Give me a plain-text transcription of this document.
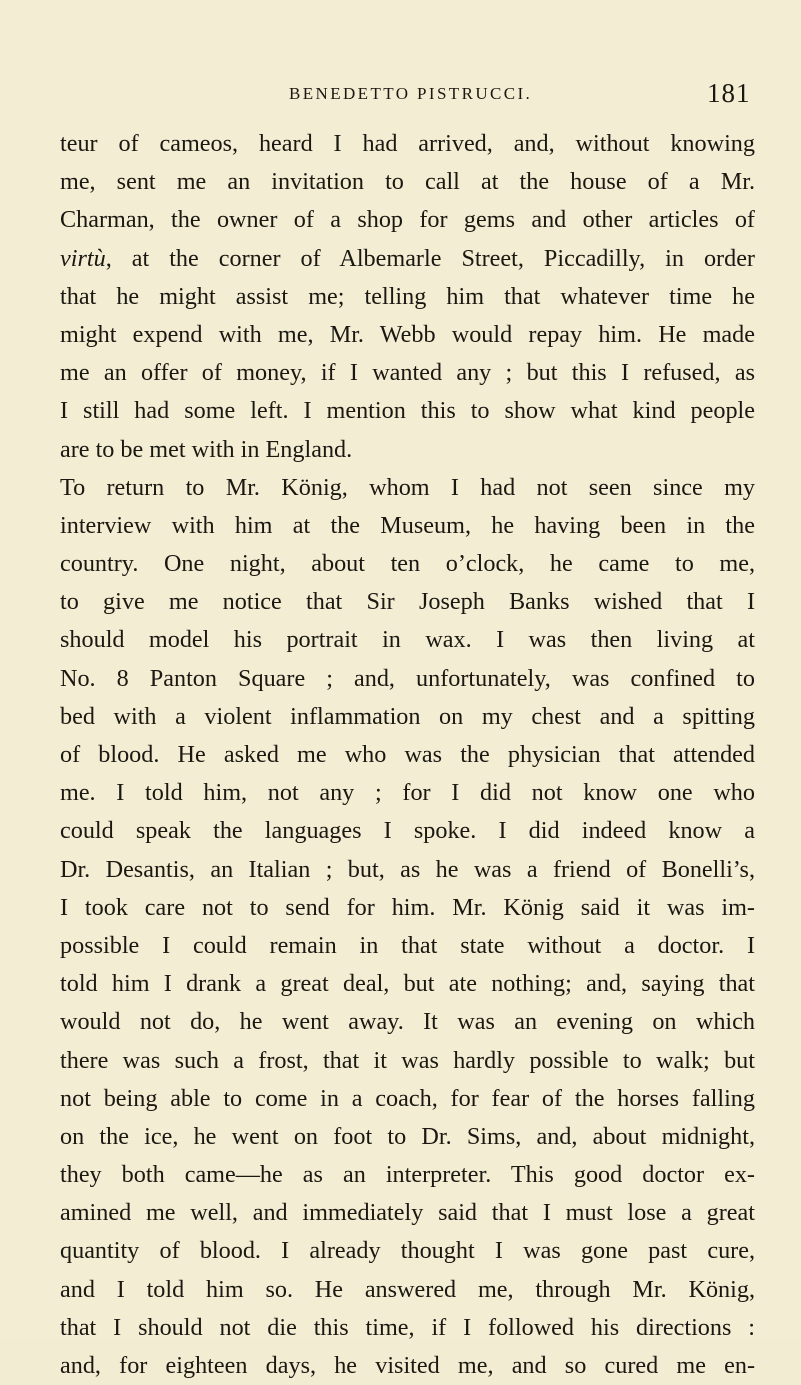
BENEDETTO PISTRUCCI.	181
teur of cameos, heard I had arrived, and, without knowing
me, sent me an invitation to call at the house of a Mr.
Charman, the owner of a shop for gems and other articles of
virtù, at the corner of Albemarle Street, Piccadilly, in order
that he might assist me; telling him that whatever time he
might expend with me, Mr. Webb would repay him. He made
me an offer of money, if I wanted any ; but this I refused, as
I still had some left. I mention this to show what kind people
are to be met with in England.
To return to Mr. König, whom I had not seen since my
interview with him at the Museum, he having been in the
country. One night, about ten o’clock, he came to me,
to give me notice that Sir Joseph Banks wished that I
should model his portrait in wax. I was then living at
No. 8 Panton Square ; and, unfortunately, was confined to
bed with a violent inflammation on my chest and a spitting
of blood. He asked me who was the physician that attended
me. I told him, not any ; for I did not know one who
could speak the languages I spoke. I did indeed know a
Dr. Desantis, an Italian ; but, as he was a friend of Bonelli’s,
I took care not to send for him. Mr. König said it was im-
possible I could remain in that state without a doctor. I
told him I drank a great deal, but ate nothing; and, saying that
would not do, he went away. It was an evening on which
there was such a frost, that it was hardly possible to walk; but
not being able to come in a coach, for fear of the horses falling
on the ice, he went on foot to Dr. Sims, and, about midnight,
they both came—he as an interpreter. This good doctor ex-
amined me well, and immediately said that I must lose a great
quantity of blood. I already thought I was gone past cure,
and I told him so. He answered me, through Mr. König,
that I should not die this time, if I followed his directions :
and, for eighteen days, he visited me, and so cured me en-
